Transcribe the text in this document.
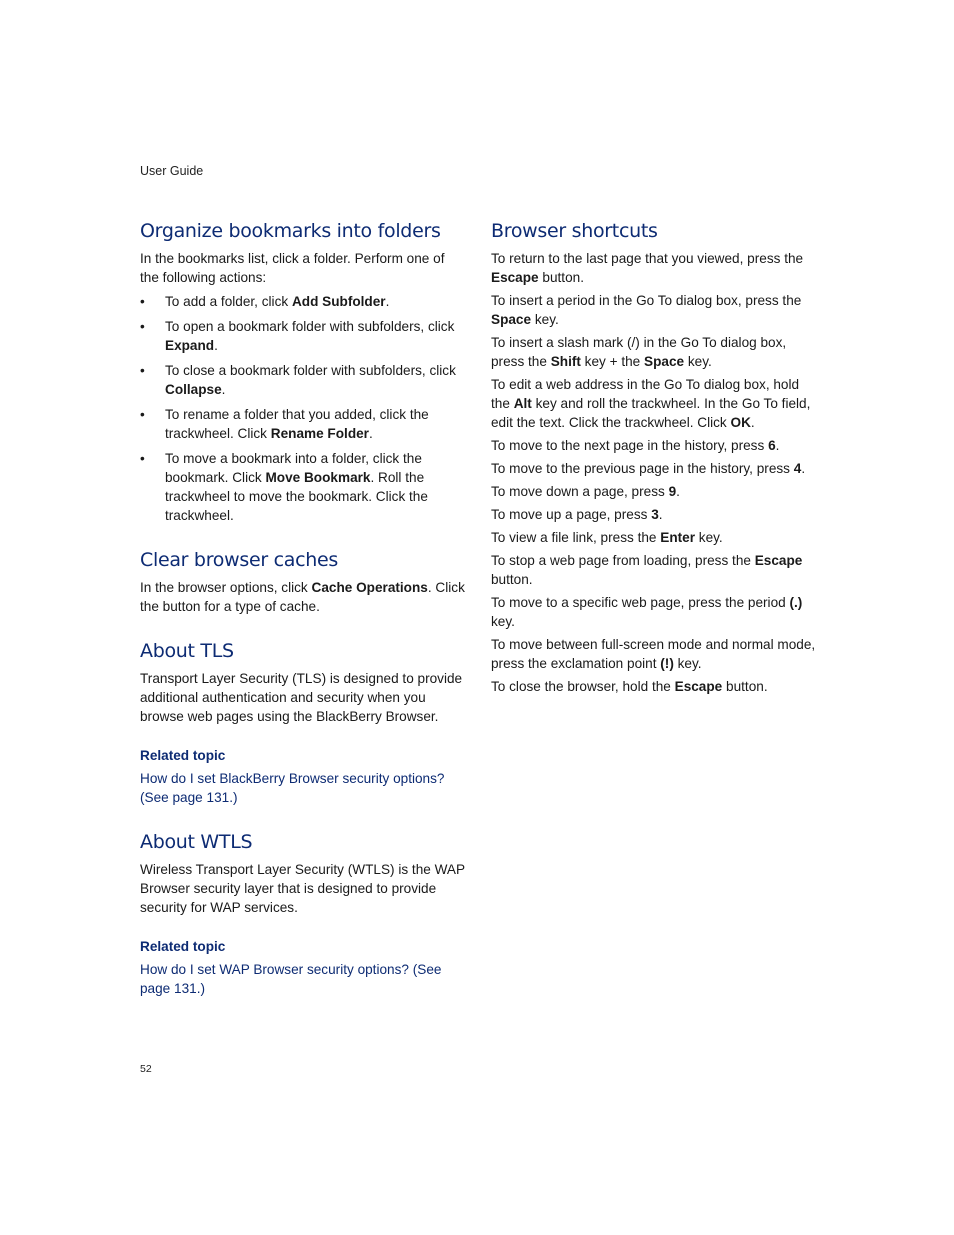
User Guide
Organize bookmarks into folders

In the bookmarks list, click a folder. Perform one of the following actions:

• To add a folder, click Add Subfolder.
• To open a bookmark folder with subfolders, click Expand.
• To close a bookmark folder with subfolders, click Collapse.
• To rename a folder that you added, click the trackwheel. Click Rename Folder.
• To move a bookmark into a folder, click the bookmark. Click Move Bookmark. Roll the trackwheel to move the bookmark. Click the trackwheel.
Clear browser caches

In the browser options, click Cache Operations. Click the button for a type of cache.

About TLS

Transport Layer Security (TLS) is designed to provide additional authentication and security when you browse web pages using the BlackBerry Browser.

Related topic

How do I set BlackBerry Browser security options? (See page 131.)

About WTLS

Wireless Transport Layer Security (WTLS) is the WAP Browser security layer that is designed to provide security for WAP services.

Related topic

How do I set WAP Browser security options? (See page 131.)

Browser shortcuts

To return to the last page that you viewed, press the Escape button.

To insert a period in the Go To dialog box, press the Space key.

To insert a slash mark (/) in the Go To dialog box, press the Shift key + the Space key.

To edit a web address in the Go To dialog box, hold the Alt key and roll the trackwheel. In the Go To field, edit the text. Click the trackwheel. Click OK.

To move to the next page in the history, press 6.

To move to the previous page in the history, press 4.

To move down a page, press 9.

To move up a page, press 3.

To view a file link, press the Enter key.

To stop a web page from loading, press the Escape button.

To move to a specific web page, press the period (.) key.

To move between full-screen mode and normal mode, press the exclamation point (!) key.

To close the browser, hold the Escape button.

52
